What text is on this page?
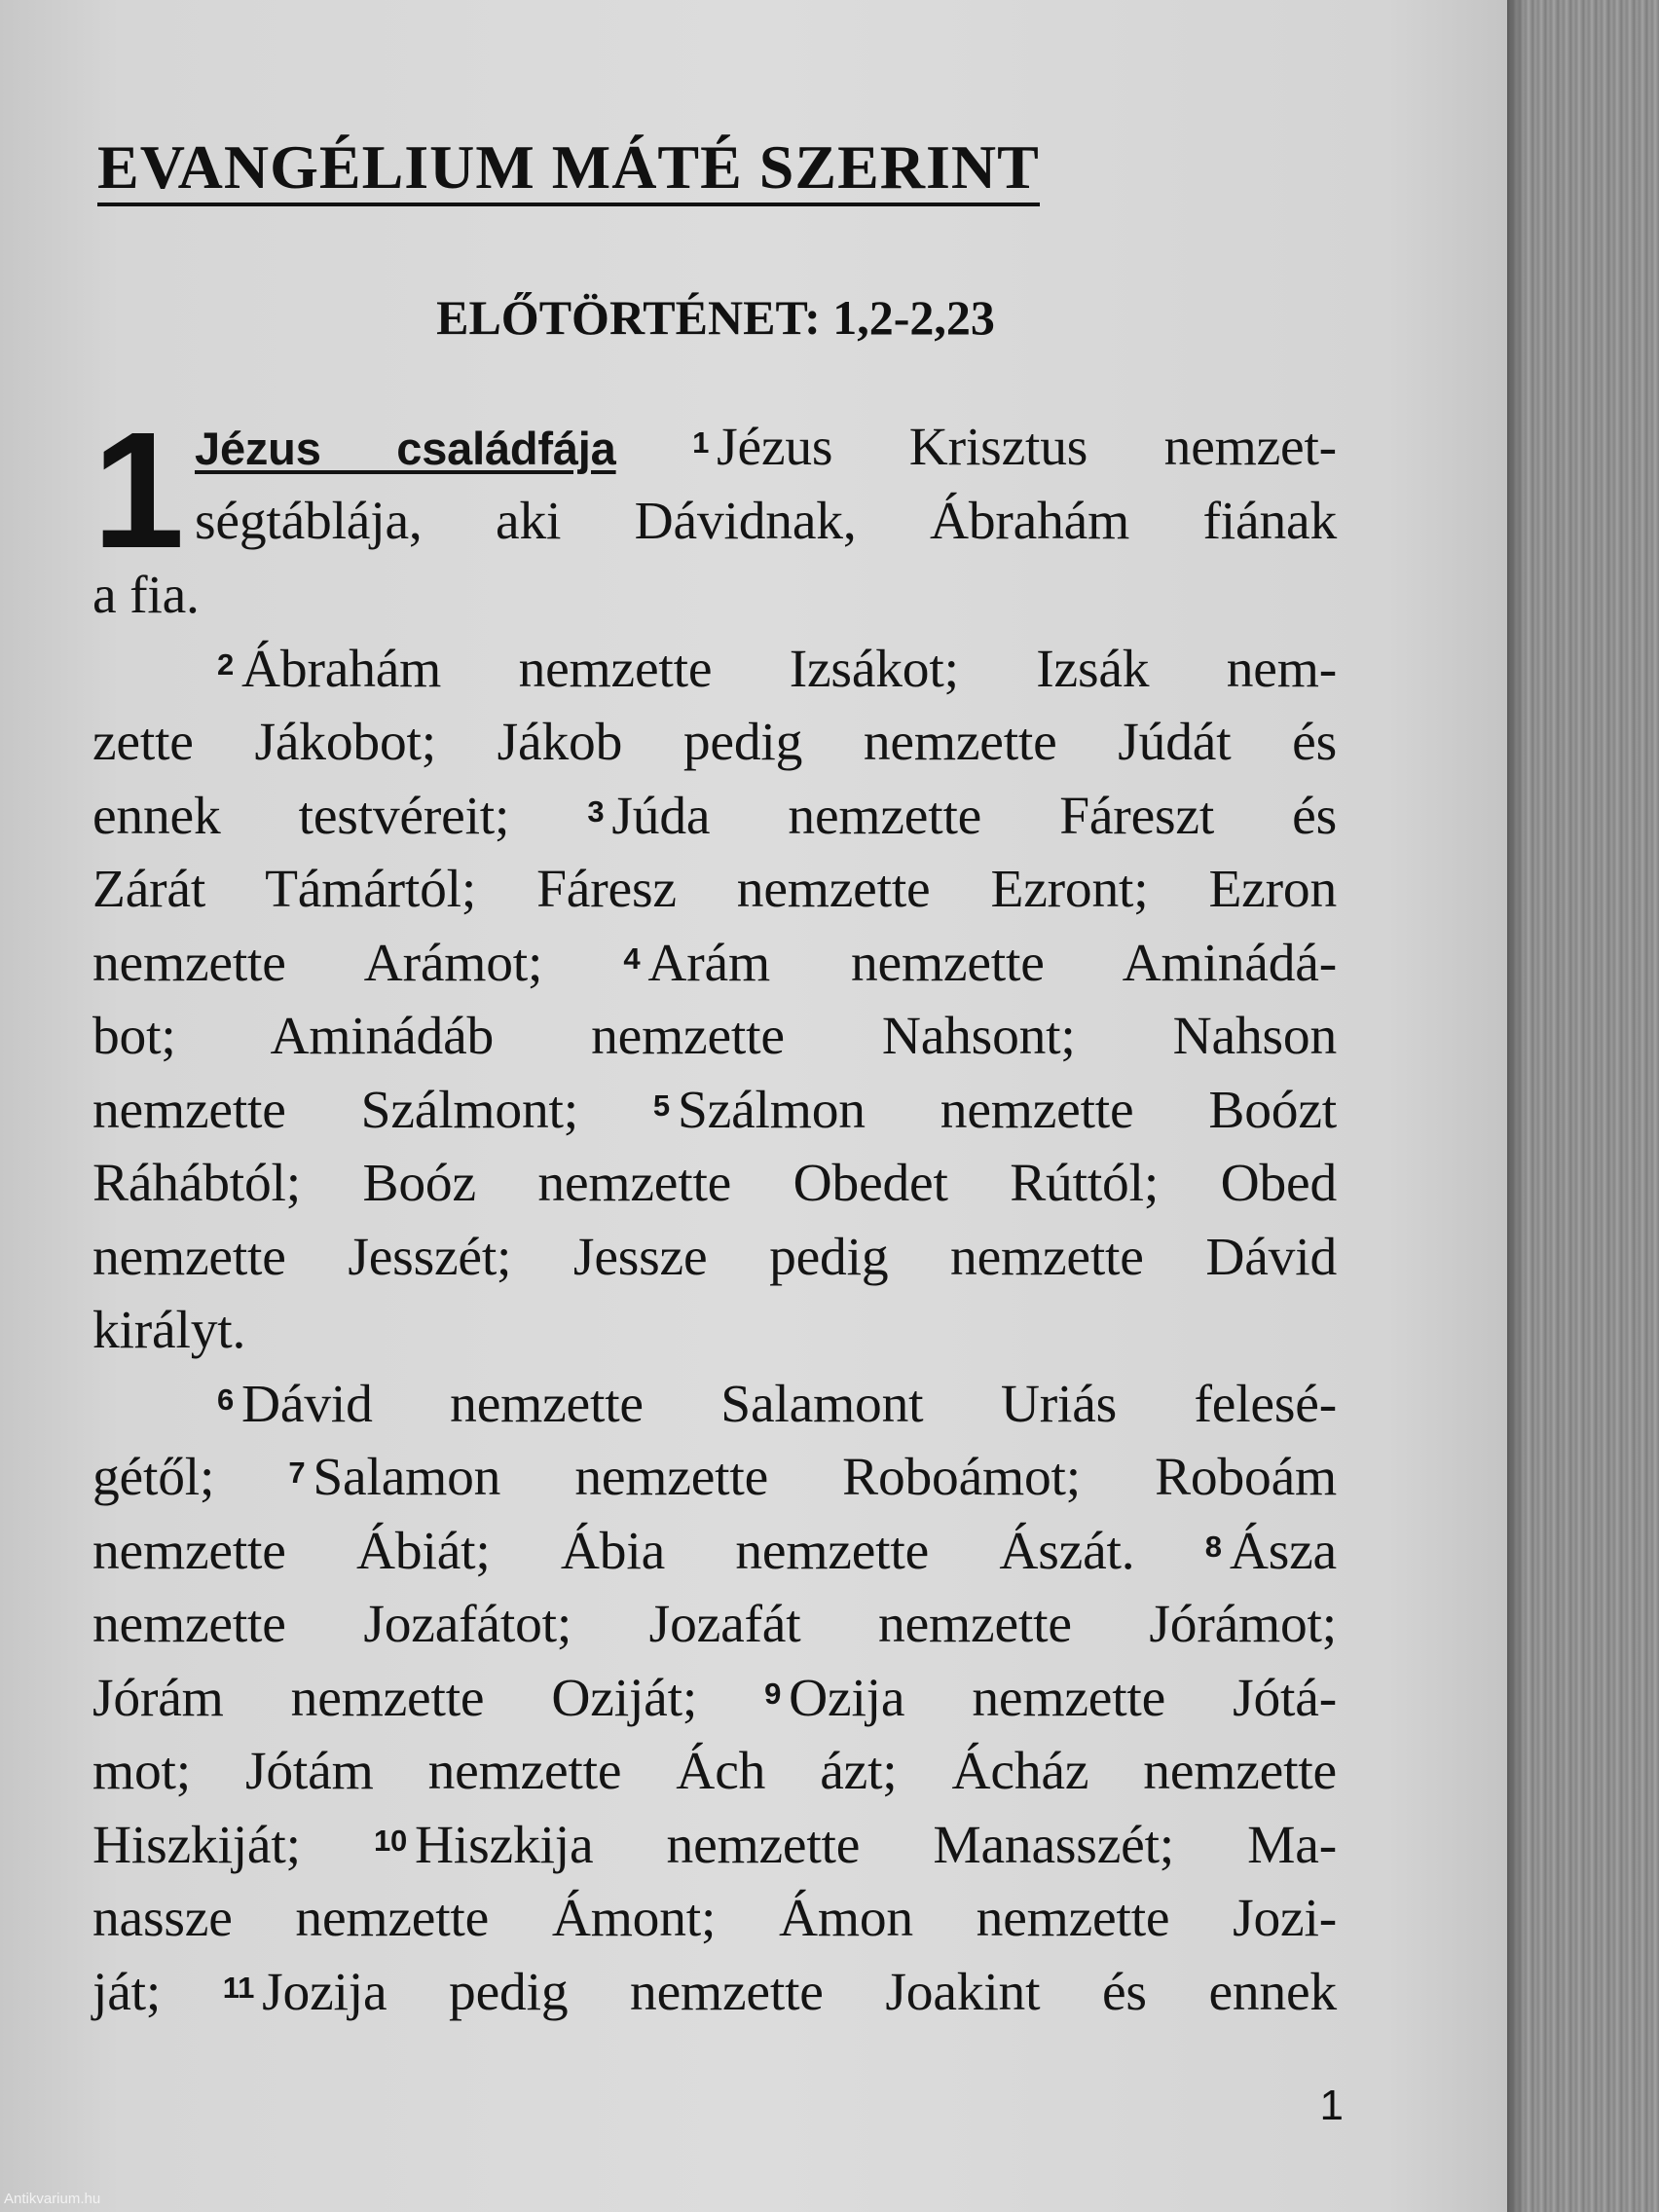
EVANGÉLIUM MÁTÉ SZERINT
ELŐTÖRTÉNET: 1,2-2,23
1 Jézus családfája	$^1$ Jézus Krisztus nemzet-
ségtáblája, aki Dávidnak, Ábrahám fiának
a fia.

$^2$ Ábrahám nemzette Izsákot; Izsák nem-
zette Jákobot; Jákob pedig nemzette Júdát és
ennek testvéreit;	$^3$ Júda nemzette Fáreszt és
Zárát Támártól; Fáresz nemzette Ezront; Ezron
nemzette Arámot;	$^4$ Arám nemzette Aminádá-
bot; Aminádáb nemzette Nahsont; Nahson
nemzette Szálmont; $^5$ Szálmon nemzette Boózt
Ráhábtól; Boóz nemzette Obedet Rúttól; Obed
nemzette Jesszét; Jessze pedig nemzette Dávid
királyt.

$^6$ Dávid nemzette Salamont Uriás felesé-
gétől; $^7$ Salamon nemzette Roboámot; Roboám
nemzette Ábiát; Ábia nemzette Ászát. $^8$ Ásza
nemzette Jozafátot; Jozafát nemzette Jórámot;
Jórám nemzette Oziját; $^9$ Ozija nemzette Jótá-
mot; Jótám nemzette Ách ázt; Ácház nemzette
Hiszkiját; $^{10}$ Hiszkija nemzette Manasszét; Ma-
nassze nemzette Ámont; Ámon nemzette Jozi-
ját; $^{11}$ Jozija pedig nemzette Joakint és ennek

1
Antikvarium.hu
